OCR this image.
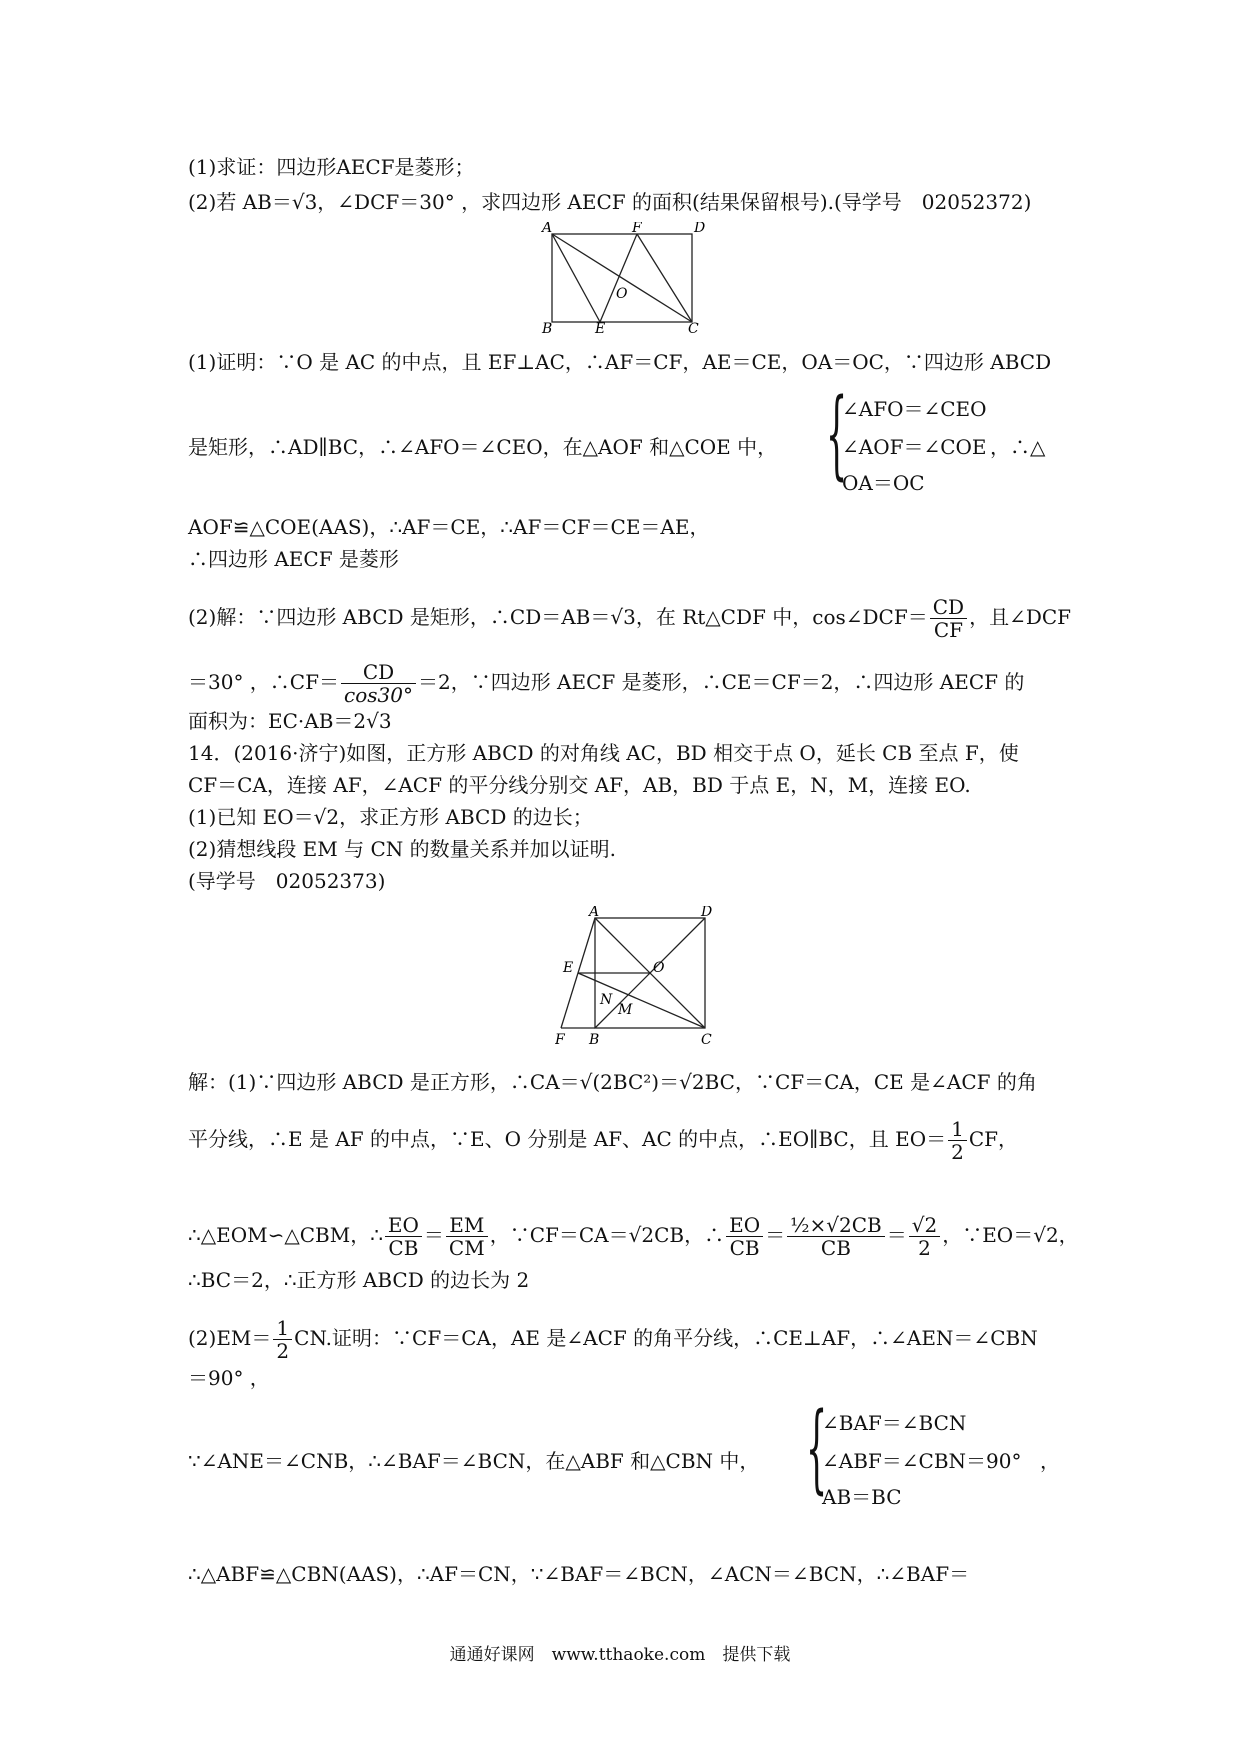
(1)求证：四边形AECF是菱形；
(2)若 AB＝√3，∠DCF＝30° ，求四边形 AECF 的面积(结果保留根号).(导学号　02052372)
A	F	D
O
B	E	C
(1)证明：∵O 是 AC 的中点，且 EF⊥AC，∴AF＝CF，AE＝CE，OA＝OC，∵四边形 ABCD
是矩形，∴AD∥BC，∴∠AFO＝∠CEO，在△AOF 和△COE 中， {
∠AFO＝∠CEO
∠AOF＝∠COE
OA＝OC
，∴△
AOF≌△COE(AAS)，∴AF＝CE，∴AF＝CF＝CE＝AE，
∴四边形 AECF 是菱形
(2)解：∵四边形 ABCD 是矩形，∴CD＝AB＝√3，在 Rt△CDF 中，cos∠DCF＝ $\frac{CD}{CF}$ ，且∠DCF
＝30° ，∴CF＝ $\frac{CD}{\cos 30^\circ} =2$，∵四边形 AECF 是菱形，∴CE＝CF＝2，∴四边形 AECF 的
面积为：EC·AB＝2√3
14．(2016·济宁)如图，正方形 ABCD 的对角线 AC，BD 相交于点 O，延长 CB 至点 F，使
CF＝CA，连接 AF，∠ACF 的平分线分别交 AF，AB，BD 于点 E，N，M，连接 EO.
(1)已知 EO＝√2，求正方形 ABCD 的边长；
(2)猜想线段 EM 与 CN 的数量关系并加以证明.
(导学号　02052373)
A	D
E	O
N
M
F B	C
解：(1)∵四边形 ABCD 是正方形，∴CA＝√(2BC²)＝√2BC，∵CF＝CA，CE 是∠ACF 的角
平分线，∴E 是 AF 的中点，∵E、O 分别是 AF、AC 的中点，∴EO∥BC，且 $EO= \frac{1}{2}$ CF，
∴△EOM∽△CBM，∴ $\frac{EO}{CB} = \frac{EM}{CM}$ ，∵CF＝CA＝√2CB，∴ $\frac{EO}{CB} = \frac{\text{½×√2CB}}{CB} = \frac{√2}{2}$ ，∵EO＝√2，
∴BC＝2，∴正方形 ABCD 的边长为 2
$(2)EM= \frac{1}{2}$ CN.证明：∵CF＝CA，AE 是∠ACF 的角平分线，∴CE⊥AF，∴∠AEN＝∠CBN
＝90° ，
∵∠ANE＝∠CNB，∴∠BAF＝∠BCN，在△ABF 和△CBN 中， {
∠BAF＝∠BCN
∠ABF＝∠CBN＝90°
AB＝BC
，
∴△ABF≌△CBN(AAS)，∴AF＝CN，∵∠BAF＝∠BCN，∠ACN＝∠BCN，∴∠BAF＝
通通好课网　www.tthaoke.com　提供下载
